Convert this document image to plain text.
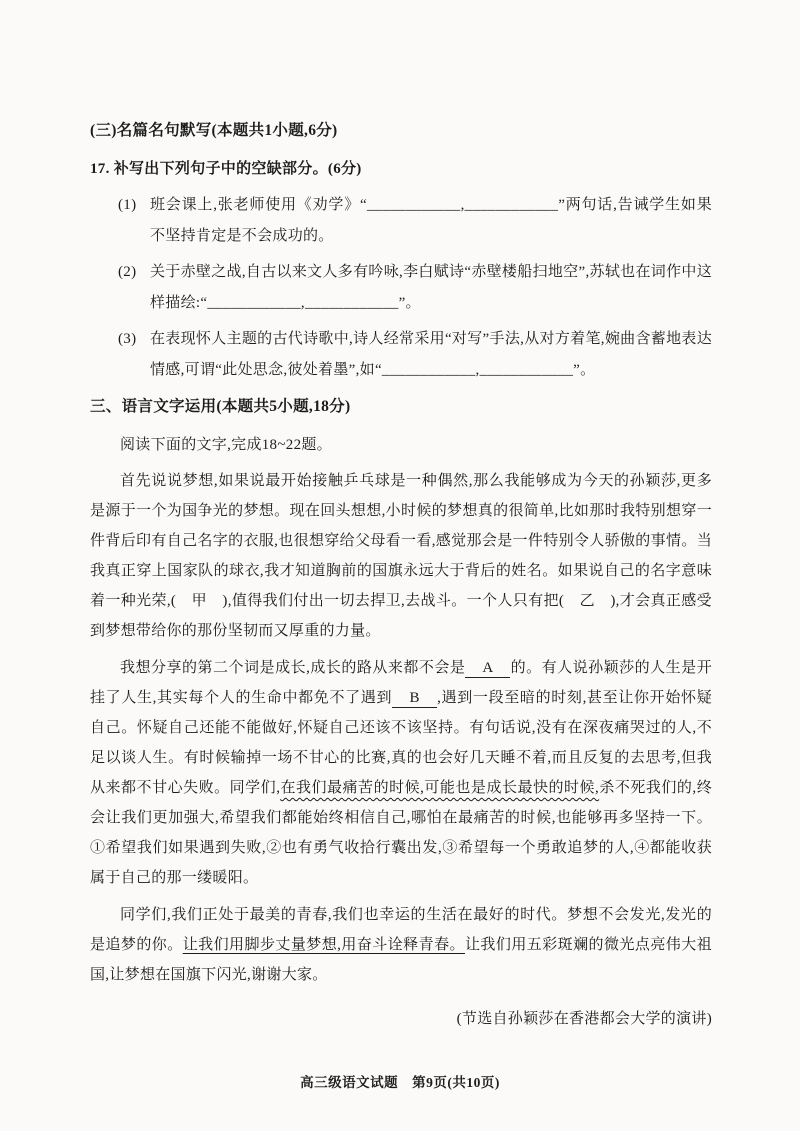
(三)名篇名句默写(本题共1小题,6分)

17. 补写出下列句子中的空缺部分。(6分)

(1) 班会课上,张老师使用《劝学》“____________,____________”两句话,告诫学生如果不坚持肯定是不会成功的。
(2) 关于赤壁之战,自古以来文人多有吟咏,李白赋诗“赤壁楼船扫地空”,苏轼也在词作中这样描绘:“____________,____________”。
(3) 在表现怀人主题的古代诗歌中,诗人经常采用“对写”手法,从对方着笔,婉曲含蓄地表达情感,可谓“此处思念,彼处着墨”,如“____________,____________”。

三、语言文字运用(本题共5小题,18分)

阅读下面的文字,完成18~22题。

首先说说梦想,如果说最开始接触乒乓球是一种偶然,那么我能够成为今天的孙颖莎,更多是源于一个为国争光的梦想。现在回头想想,小时候的梦想真的很简单,比如那时我特别想穿一件背后印有自己名字的衣服,也很想穿给父母看一看,感觉那会是一件特别令人骄傲的事情。当我真正穿上国家队的球衣,我才知道胸前的国旗永远大于背后的姓名。如果说自己的名字意味着一种光荣,(　甲　),值得我们付出一切去捍卫,去战斗。一个人只有把(　乙　),才会真正感受到梦想带给你的那份坚韧而又厚重的力量。

我想分享的第二个词是成长,成长的路从来都不会是 A 的。有人说孙颖莎的人生是开挂了人生,其实每个人的生命中都免不了遇到 B ,遇到一段至暗的时刻,甚至让你开始怀疑自己。怀疑自己还能不能做好,怀疑自己还该不该坚持。有句话说,没有在深夜痛哭过的人,不足以谈人生。有时候输掉一场不甘心的比赛,真的也会好几天睡不着,而且反复的去思考,但我从来都不甘心失败。同学们,在我们最痛苦的时候,可能也是成长最快的时候,杀不死我们的,终会让我们更加强大,希望我们都能始终相信自己,哪怕在最痛苦的时候,也能够再多坚持一下。①希望我们如果遇到失败,②也有勇气收拾行囊出发,③希望每一个勇敢追梦的人,④都能收获属于自己的那一缕暖阳。

同学们,我们正处于最美的青春,我们也幸运的生活在最好的时代。梦想不会发光,发光的是追梦的你。让我们用脚步丈量梦想,用奋斗诠释青春。让我们用五彩斑斓的微光点亮伟大祖国,让梦想在国旗下闪光,谢谢大家。

(节选自孙颖莎在香港都会大学的演讲)

高三级语文试题　第9页(共10页)
